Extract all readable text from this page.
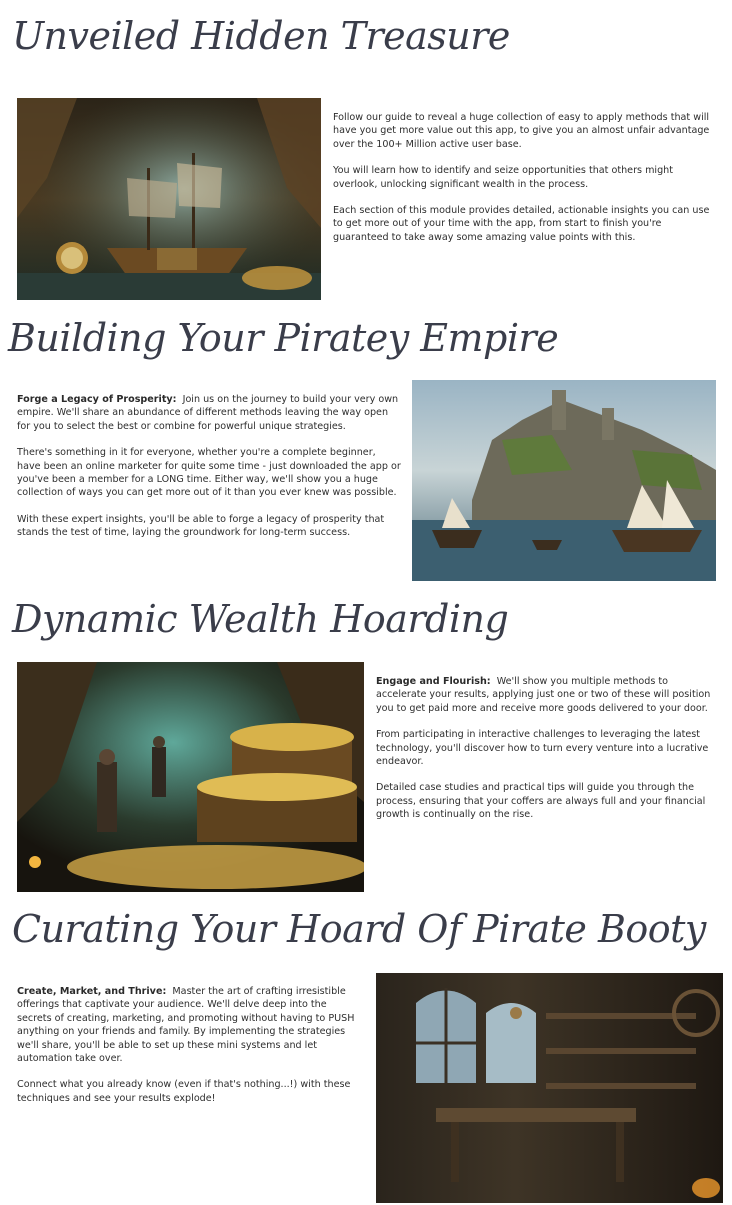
Unveiled Hidden Treasure

Follow our guide to reveal a huge collection of easy to apply methods that will have you get more value out this app, to give you an almost unfair advantage over the 100+ Million active user base.

You will learn how to identify and seize opportunities that others might overlook, unlocking significant wealth in the process.

Each section of this module provides detailed, actionable insights you can use to get more out of your time with the app, from start to finish you're guaranteed to take away some amazing value points with this.

Building Your Piratey Empire

Forge a Legacy of Prosperity: Join us on the journey to build your very own empire. We'll share an abundance of different methods leaving the way open for you to select the best or combine for powerful unique strategies.

There's something in it for everyone, whether you're a complete beginner, have been an online marketer for quite some time - just downloaded the app or you've been a member for a LONG time. Either way, we'll show you a huge collection of ways you can get more out of it than you ever knew was possible.

With these expert insights, you'll be able to forge a legacy of prosperity that stands the test of time, laying the groundwork for long-term success.

Dynamic Wealth Hoarding

Engage and Flourish: We'll show you multiple methods to accelerate your results, applying just one or two of these will position you to get paid more and receive more goods delivered to your door.

From participating in interactive challenges to leveraging the latest technology, you'll discover how to turn every venture into a lucrative endeavor.

Detailed case studies and practical tips will guide you through the process, ensuring that your coffers are always full and your financial growth is continually on the rise.

Curating Your Hoard Of Pirate Booty

Create, Market, and Thrive: Master the art of crafting irresistible offerings that captivate your audience. We'll delve deep into the secrets of creating, marketing, and promoting without having to PUSH anything on your friends and family. By implementing the strategies we'll share, you'll be able to set up these mini systems and let automation take over.

Connect what you already know (even if that's nothing...!) with these techniques and see your results explode!
